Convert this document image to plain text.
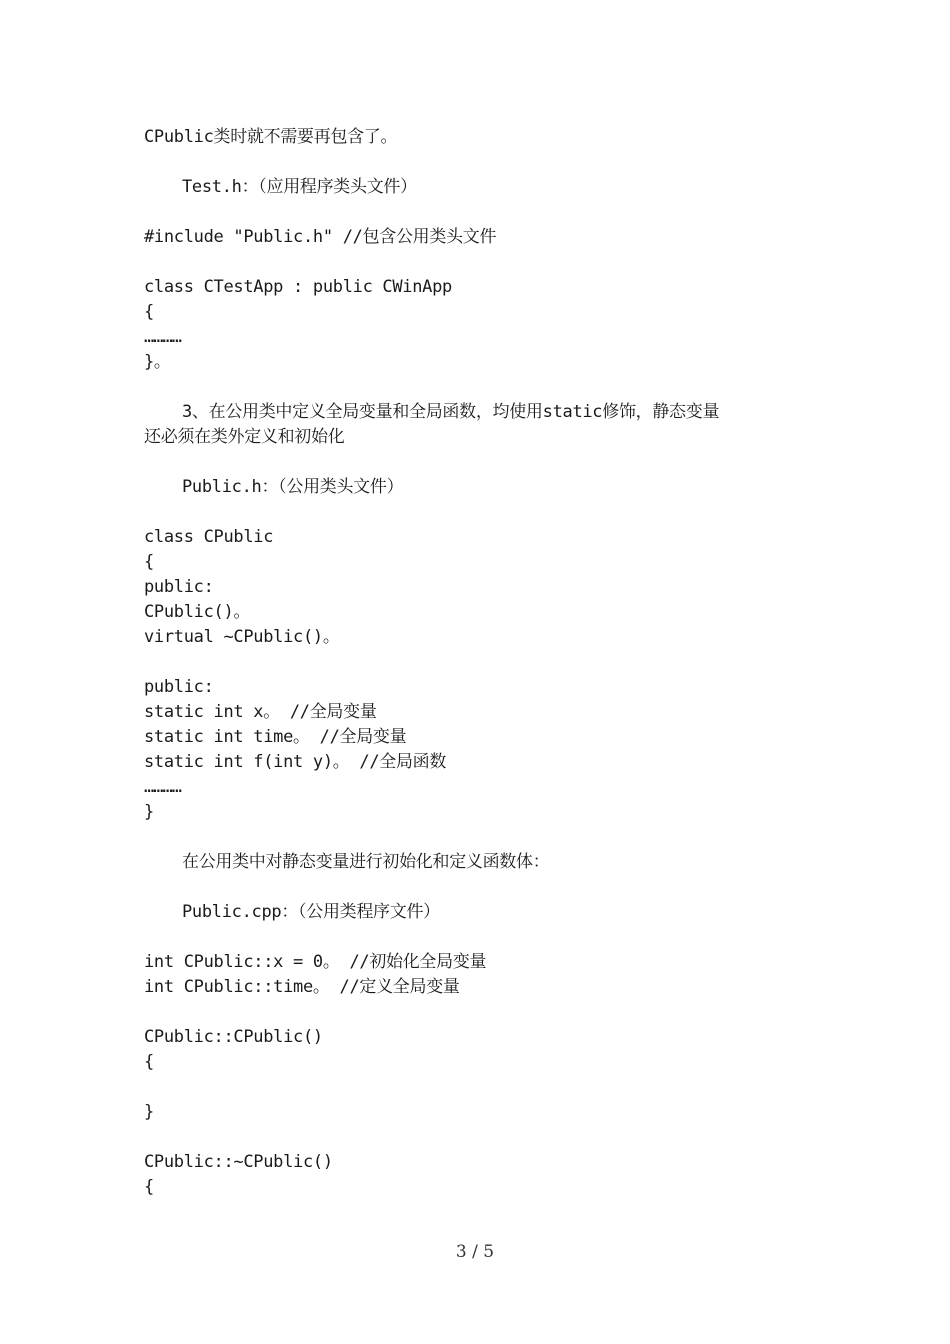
CPublic类时就不需要再包含了。
Test.h：（应用程序类头文件）
#include "Public.h" //包含公用类头文件
class CTestApp : public CWinApp
{
…………
}。
3、在公用类中定义全局变量和全局函数，均使用static修饰，静态变量
还必须在类外定义和初始化
Public.h：（公用类头文件）
class CPublic
{
public:
CPublic()。
virtual ~CPublic()。
public:
static int x。 //全局变量
static int time。 //全局变量
static int f(int y)。 //全局函数
…………
}
在公用类中对静态变量进行初始化和定义函数体：
Public.cpp：（公用类程序文件）
int CPublic::x = 0。 //初始化全局变量
int CPublic::time。 //定义全局变量
CPublic::CPublic()
{
}
CPublic::~CPublic()
{
3 / 5
